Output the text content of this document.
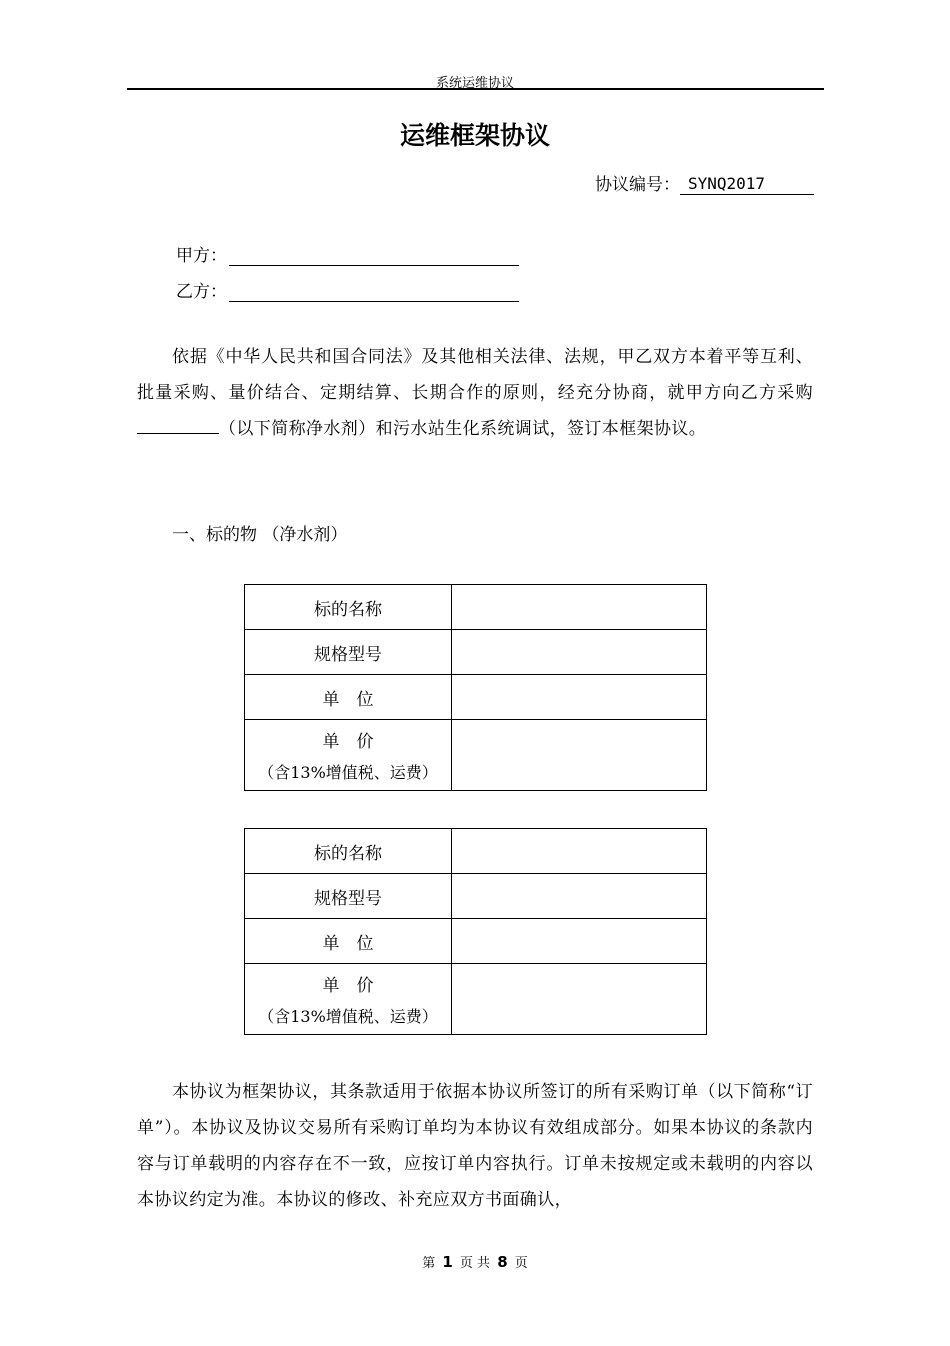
系统运维协议
运维框架协议
协议编号： SYNQ2017
甲方：
乙方：

依据《中华人民共和国合同法》及其他相关法律、法规，甲乙双方本着平等互利、批量采购、量价结合、定期结算、长期合作的原则，经充分协商，就甲方向乙方采购（以下简称净水剂）和污水站生化系统调试，签订本框架协议。

一、标的物 （净水剂）
标的名称	
规格型号	
单　位	
单　价
（含13%增值税、运费）	

标的名称	
规格型号	
单　位	
单　价
（含13%增值税、运费）	

本协议为框架协议，其条款适用于依据本协议所签订的所有采购订单（以下简称“订单”）。本协议及协议交易所有采购订单均为本协议有效组成部分。如果本协议的条款内容与订单载明的内容存在不一致，应按订单内容执行。订单未按规定或未载明的内容以本协议约定为准。本协议的修改、补充应双方书面确认，

第 1 页 共 8 页
